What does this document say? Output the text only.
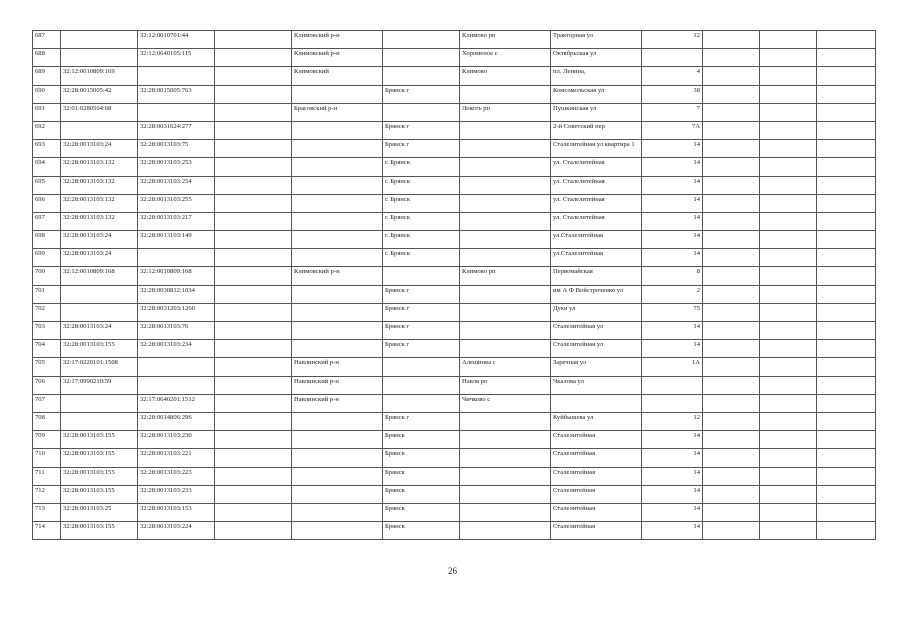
687		32:12:0010701:44		Климовский р-н		Климово рп	Тракторная ул	12			
688		32:12:0640105:115		Климовский р-н		Хороменое с	Октябрьская ул				
689	32:12:0010809:169			Климовский		Климово	пл. Ленина,	4			
690	32:28:0015005:42	32:28:0015005:763			Брянск г		Комсомольская ул	38			
691	32:01:0280504:68			Брасовский р-н		Локоть рп	Пушкинская ул	7			
692		32:28:0031624:277			Брянск г		2-й Советский пер	7А			
693	32:28:0013103:24	32:28:0013103:75			Брянск г		Сталелитейная ул квартира 1	14			
694	32:28:0013103:132	32:28:0013103:253			г. Брянск		ул. Сталелитейная	14			
695	32:28:0013103:132	32:28:0013103:254			г. Брянск		ул. Сталелитейная	14			
696	32:28:0013103:132	32:28:0013103:255			г. Брянск		ул. Сталелитейная	14			
697	32:28:0013103:132	32:28:0013103:217			г. Брянск		ул. Сталелитейная	14			
698	32:28:0013103:24	32:28:0013103:149			г. Брянск		ул.Сталелитейная	14			
699	32:28:0013103:24				г. Брянск		ул.Сталелитейная	14			
700	32:12:0010809:168	32:12:0010809:168		Климовский р-н		Климово рп	Первомайская	8			
701		32:28:0030812:1034			Брянск г		им А Ф Войстроченко ул	2			
702		32:28:0031203:1260			Брянск г		Дуки ул	75			
703	32:28:0013103:24	32:28:0013103:76			Брянск г		Сталелитейная ул	14			
704	32:28:0013103:155	32:28:0013103:234			Брянск г		Сталелитейная ул	14			
705	32:17:0220101:1508			Навлинский р-н		Алешинка с	Заречная ул	1А			
706	32:17:0990210:59			Навлинский р-н		Навля рп	Чкалова ул				
707		32:17:0640201:1512		Навлинский р-н		Чичково с					
708		32:28:0014806:296			Брянск г		Куйбышева ул	12			
709	32:28:0013103:155	32:28:0013103:230			Брянск		Сталелитейная	14			
710	32:28:0013103:155	32:28:0013103:221			Брянск		Сталелитейная	14			
711	32:28:0013103:155	32:28:0013103:223			Брянск		Сталелитейная	14			
712	32:28:0013103:155	32:28:0013103:233			Брянск		Сталелитейная	14			
713	32:28:0013103:25	32:28:0013103:153			Брянск		Сталелитейная	14			
714	32:28:0013103:155	32:28:0013103:224			Брянск		Сталелитейная	14			
26
